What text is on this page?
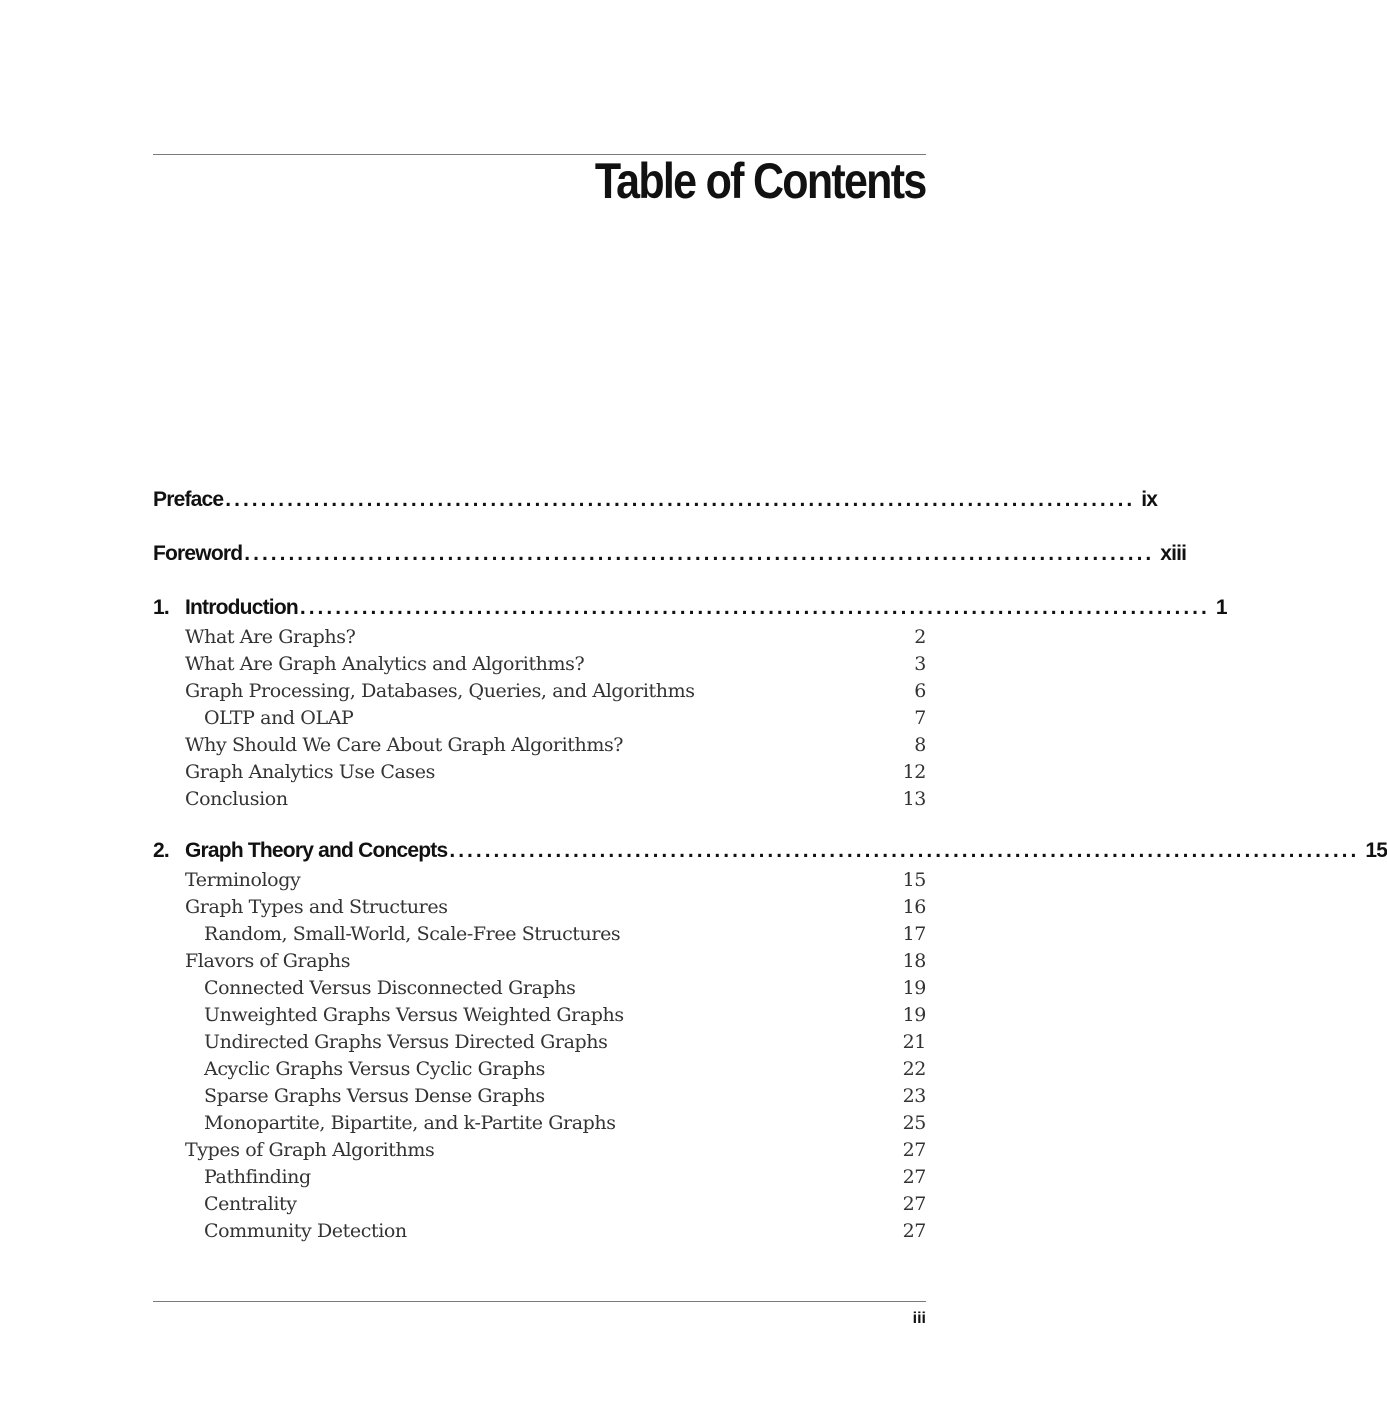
Table of Contents
Preface ....................................................................................................... ix
Foreword ....................................................................................................... xiii
1. Introduction ....................................................................................................... 1
What Are Graphs?	2
What Are Graph Analytics and Algorithms?	3
Graph Processing, Databases, Queries, and Algorithms	6
OLTP and OLAP	7
Why Should We Care About Graph Algorithms?	8
Graph Analytics Use Cases	12
Conclusion	13
2. Graph Theory and Concepts ....................................................................................................... 15
Terminology	15
Graph Types and Structures	16
Random, Small-World, Scale-Free Structures	17
Flavors of Graphs	18
Connected Versus Disconnected Graphs	19
Unweighted Graphs Versus Weighted Graphs	19
Undirected Graphs Versus Directed Graphs	21
Acyclic Graphs Versus Cyclic Graphs	22
Sparse Graphs Versus Dense Graphs	23
Monopartite, Bipartite, and k-Partite Graphs	25
Types of Graph Algorithms	27
Pathfinding	27
Centrality	27
Community Detection	27
iii
